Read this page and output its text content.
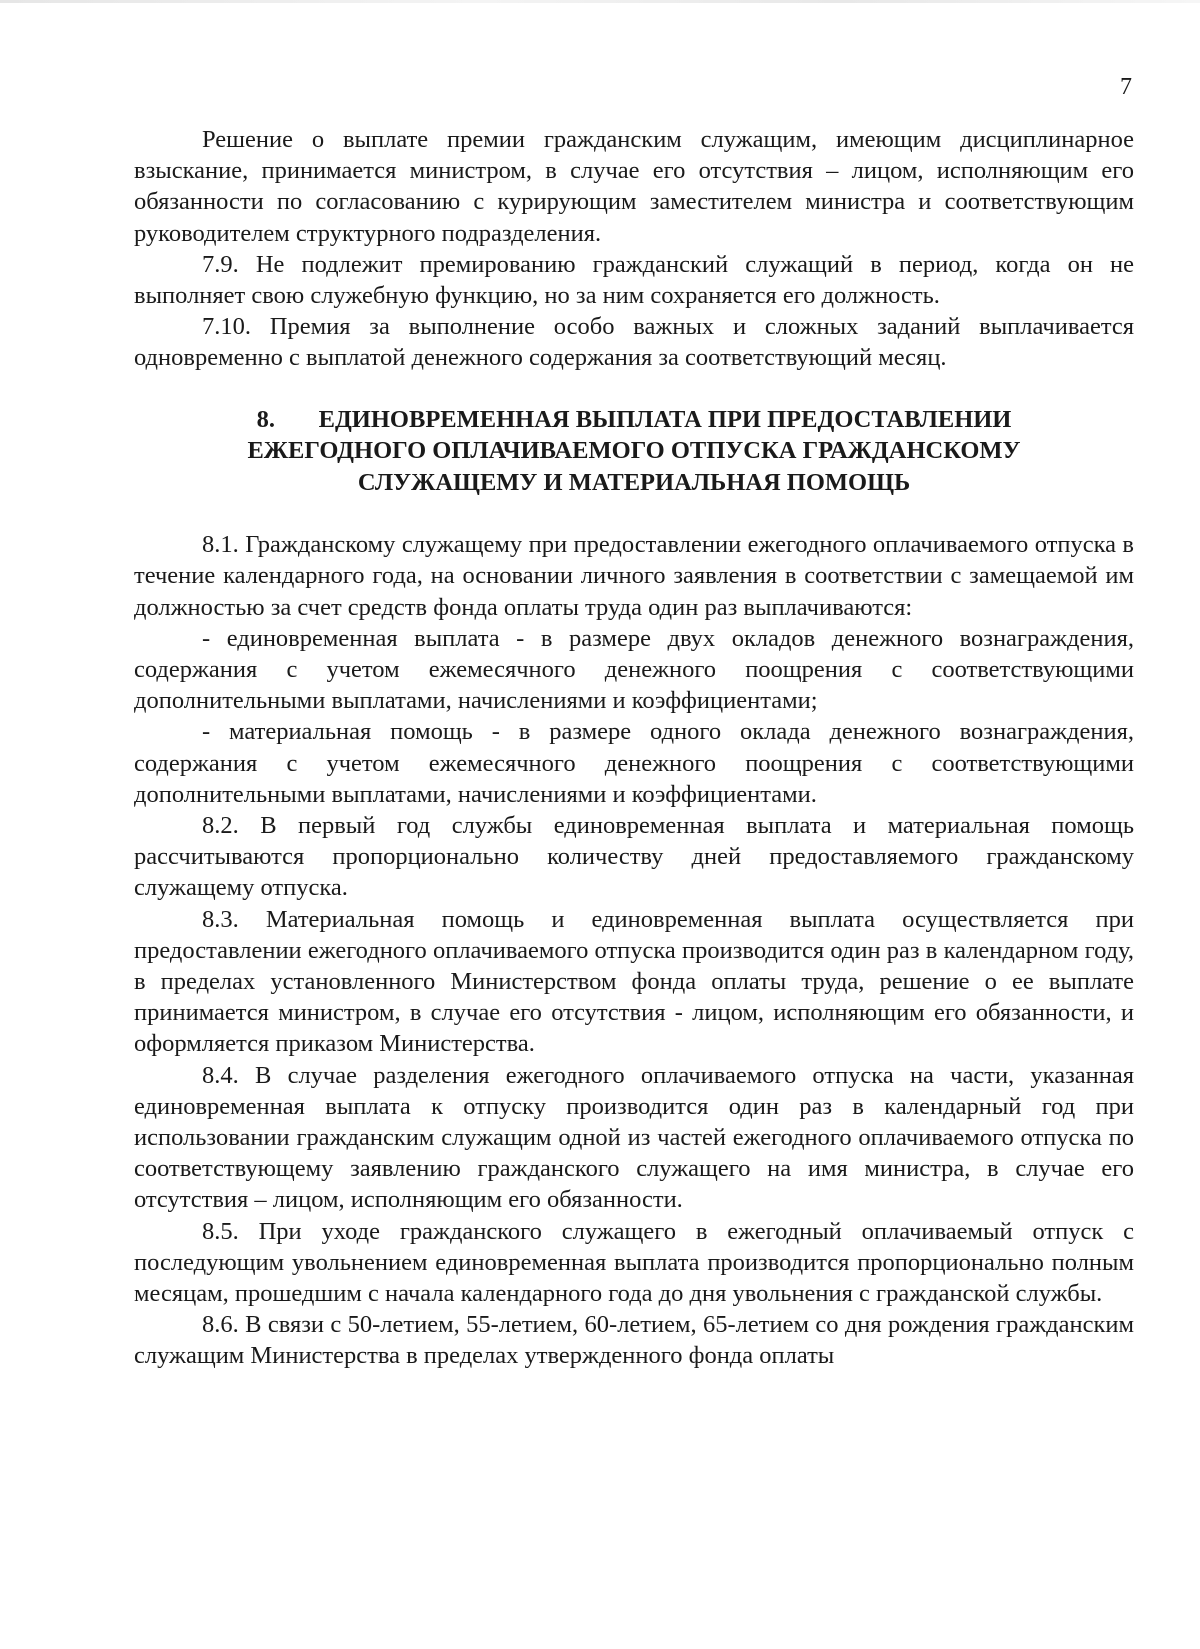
7

Решение о выплате премии гражданским служащим, имеющим дисциплинарное взыскание, принимается министром, в случае его отсутствия – лицом, исполняющим его обязанности по согласованию с курирующим заместителем министра и соответствующим руководителем структурного подразделения.

7.9. Не подлежит премированию гражданский служащий в период, когда он не выполняет свою служебную функцию, но за ним сохраняется его должность.

7.10. Премия за выполнение особо важных и сложных заданий выплачивается одновременно с выплатой денежного содержания за соответствующий месяц.

8. ЕДИНОВРЕМЕННАЯ ВЫПЛАТА ПРИ ПРЕДОСТАВЛЕНИИ
ЕЖЕГОДНОГО ОПЛАЧИВАЕМОГО ОТПУСКА ГРАЖДАНСКОМУ
СЛУЖАЩЕМУ И МАТЕРИАЛЬНАЯ ПОМОЩЬ

8.1. Гражданскому служащему при предоставлении ежегодного оплачиваемого отпуска в течение календарного года, на основании личного заявления в соответствии с замещаемой им должностью за счет средств фонда оплаты труда один раз выплачиваются:

- единовременная выплата - в размере двух окладов денежного вознаграждения, содержания с учетом ежемесячного денежного поощрения с соответствующими дополнительными выплатами, начислениями и коэффициентами;

- материальная помощь - в размере одного оклада денежного вознаграждения, содержания с учетом ежемесячного денежного поощрения с соответствующими дополнительными выплатами, начислениями и коэффициентами.

8.2. В первый год службы единовременная выплата и материальная помощь рассчитываются пропорционально количеству дней предоставляемого гражданскому служащему отпуска.

8.3. Материальная помощь и единовременная выплата осуществляется при предоставлении ежегодного оплачиваемого отпуска производится один раз в календарном году, в пределах установленного Министерством фонда оплаты труда, решение о ее выплате принимается министром, в случае его отсутствия - лицом, исполняющим его обязанности, и оформляется приказом Министерства.

8.4. В случае разделения ежегодного оплачиваемого отпуска на части, указанная единовременная выплата к отпуску производится один раз в календарный год при использовании гражданским служащим одной из частей ежегодного оплачиваемого отпуска по соответствующему заявлению гражданского служащего на имя министра, в случае его отсутствия – лицом, исполняющим его обязанности.

8.5. При уходе гражданского служащего в ежегодный оплачиваемый отпуск с последующим увольнением единовременная выплата производится пропорционально полным месяцам, прошедшим с начала календарного года до дня увольнения с гражданской службы.

8.6. В связи с 50-летием, 55-летием, 60-летием, 65-летием со дня рождения гражданским служащим Министерства в пределах утвержденного фонда оплаты
